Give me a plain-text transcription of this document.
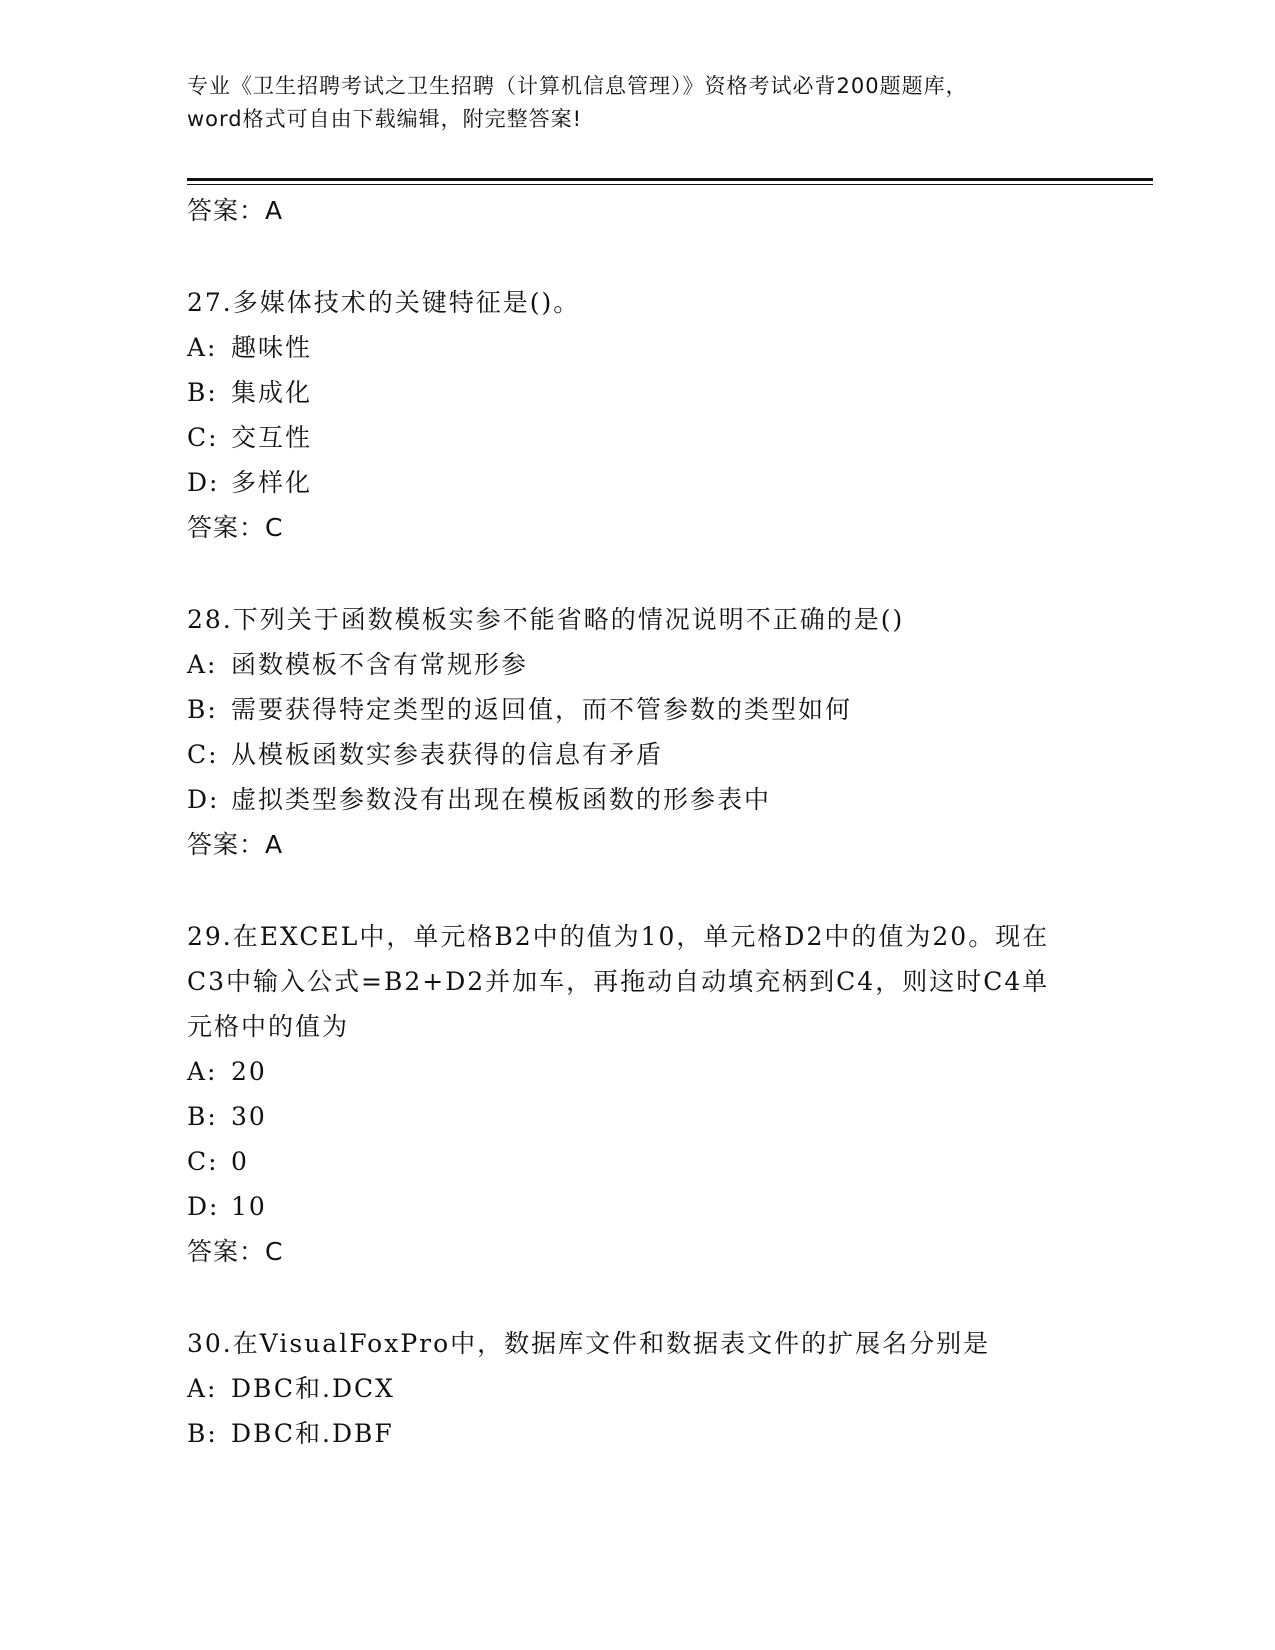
专业《卫生招聘考试之卫生招聘（计算机信息管理）》资格考试必背200题题库，
word格式可自由下载编辑，附完整答案!
答案：A
27.多媒体技术的关键特征是()。
A: 趣味性
B: 集成化
C: 交互性
D: 多样化
答案：C
28.下列关于函数模板实参不能省略的情况说明不正确的是()
A: 函数模板不含有常规形参
B: 需要获得特定类型的返回值，而不管参数的类型如何
C: 从模板函数实参表获得的信息有矛盾
D: 虚拟类型参数没有出现在模板函数的形参表中
答案：A
29.在EXCEL中，单元格B2中的值为10，单元格D2中的值为20。现在C3中输入公式=B2+D2并加车，再拖动自动填充柄到C4，则这时C4单元格中的值为
A: 20
B: 30
C: 0
D: 10
答案：C
30.在VisualFoxPro中，数据库文件和数据表文件的扩展名分别是
A: DBC和.DCX
B: DBC和.DBF
